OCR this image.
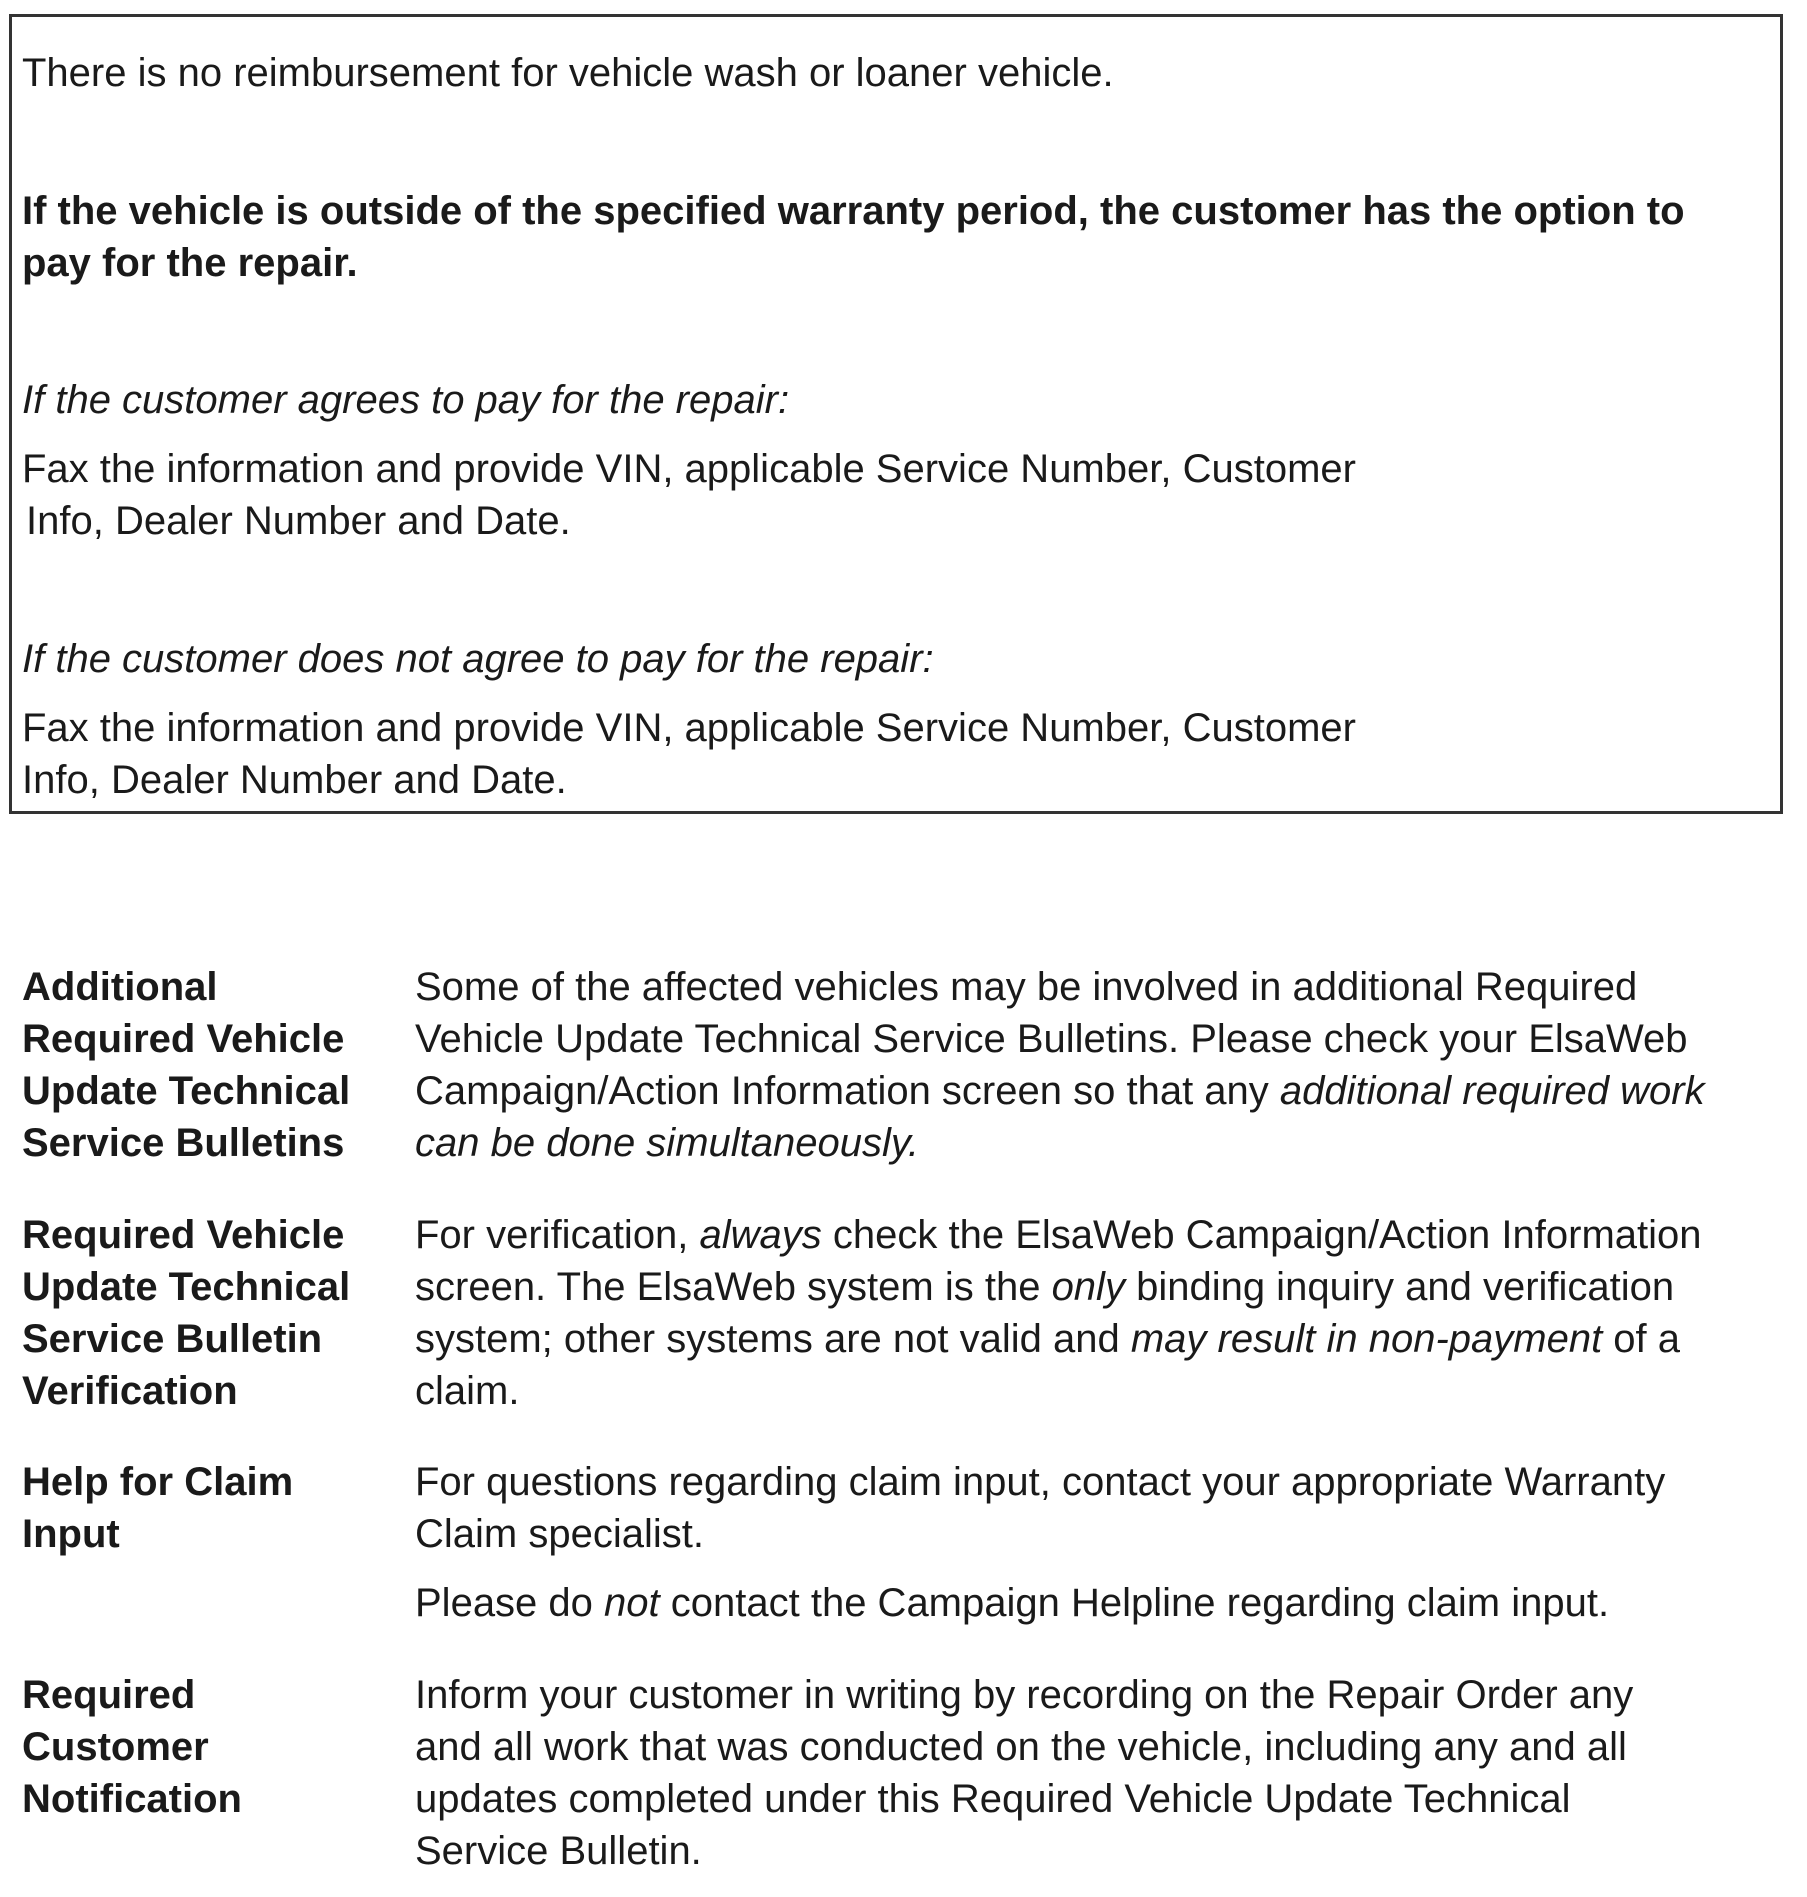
There is no reimbursement for vehicle wash or loaner vehicle.

If the vehicle is outside of the specified warranty period, the customer has the option to

pay for the repair.

If the customer agrees to pay for the repair:

Fax the information and provide VIN, applicable Service Number, Customer

Info, Dealer Number and Date.

If the customer does not agree to pay for the repair:

Fax the information and provide VIN, applicable Service Number, Customer

Info, Dealer Number and Date.

Additional

Required Vehicle

Update Technical

Service Bulletins

Some of the affected vehicles may be involved in additional Required

Vehicle Update Technical Service Bulletins. Please check your ElsaWeb

Campaign/Action Information screen so that any additional required work

can be done simultaneously.

Required Vehicle

Update Technical

Service Bulletin

Verification

For verification, always check the ElsaWeb Campaign/Action Information

screen. The ElsaWeb system is the only binding inquiry and verification

system; other systems are not valid and may result in non-payment of a

claim.

Help for Claim

Input

For questions regarding claim input, contact your appropriate Warranty

Claim specialist.

Please do not contact the Campaign Helpline regarding claim input.

Required

Customer

Notification

Inform your customer in writing by recording on the Repair Order any

and all work that was conducted on the vehicle, including any and all

updates completed under this Required Vehicle Update Technical

Service Bulletin.
